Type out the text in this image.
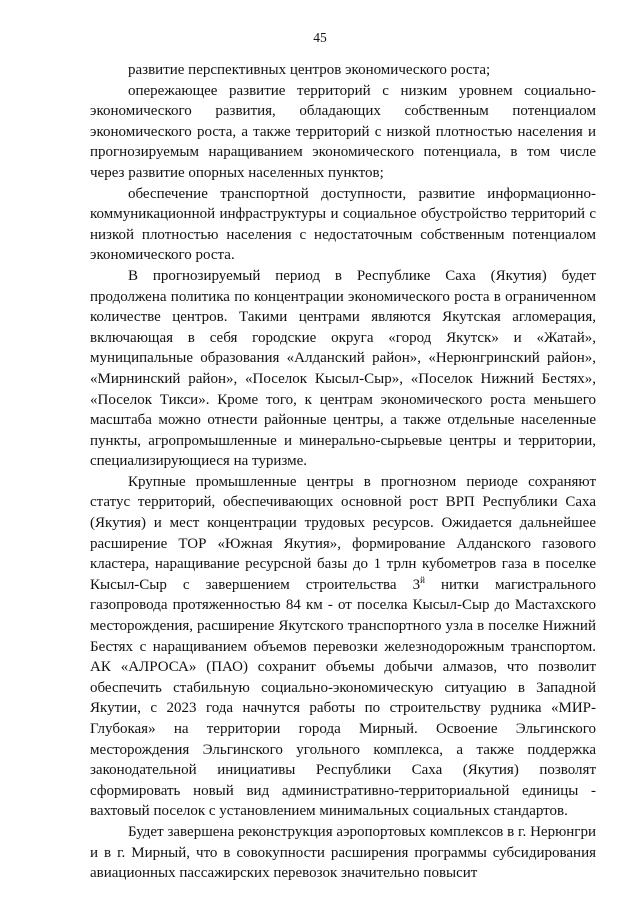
45

развитие перспективных центров экономического роста;

опережающее развитие территорий с низким уровнем социально-экономического развития, обладающих собственным потенциалом экономического роста, а также территорий с низкой плотностью населения и прогнозируемым наращиванием экономического потенциала, в том числе через развитие опорных населенных пунктов;

обеспечение транспортной доступности, развитие информационно-коммуникационной инфраструктуры и социальное обустройство территорий с низкой плотностью населения с недостаточным собственным потенциалом экономического роста.

В прогнозируемый период в Республике Саха (Якутия) будет продолжена политика по концентрации экономического роста в ограниченном количестве центров. Такими центрами являются Якутская агломерация, включающая в себя городские округа «город Якутск» и «Жатай», муниципальные образования «Алданский район», «Нерюнгринский район», «Мирнинский район», «Поселок Кысыл-Сыр», «Поселок Нижний Бестях», «Поселок Тикси». Кроме того, к центрам экономического роста меньшего масштаба можно отнести районные центры, а также отдельные населенные пункты, агропромышленные и минерально-сырьевые центры и территории, специализирующиеся на туризме.

Крупные промышленные центры в прогнозном периоде сохраняют статус территорий, обеспечивающих основной рост ВРП Республики Саха (Якутия) и мест концентрации трудовых ресурсов. Ожидается дальнейшее расширение ТОР «Южная Якутия», формирование Алданского газового кластера, наращивание ресурсной базы до 1 трлн кубометров газа в поселке Кысыл-Сыр с завершением строительства $3^й$ нитки магистрального газопровода протяженностью 84 км - от поселка Кысыл-Сыр до Мастахского месторождения, расширение Якутского транспортного узла в поселке Нижний Бестях с наращиванием объемов перевозки железнодорожным транспортом. АК «АЛРОСА» (ПАО) сохранит объемы добычи алмазов, что позволит обеспечить стабильную социально-экономическую ситуацию в Западной Якутии, с 2023 года начнутся работы по строительству рудника «МИР-Глубокая» на территории города Мирный. Освоение Эльгинского месторождения Эльгинского угольного комплекса, а также поддержка законодательной инициативы Республики Саха (Якутия) позволят сформировать новый вид административно-территориальной единицы - вахтовый поселок с установлением минимальных социальных стандартов.

Будет завершена реконструкция аэропортовых комплексов в г. Нерюнгри и в г. Мирный, что в совокупности расширения программы субсидирования авиационных пассажирских перевозок значительно повысит
